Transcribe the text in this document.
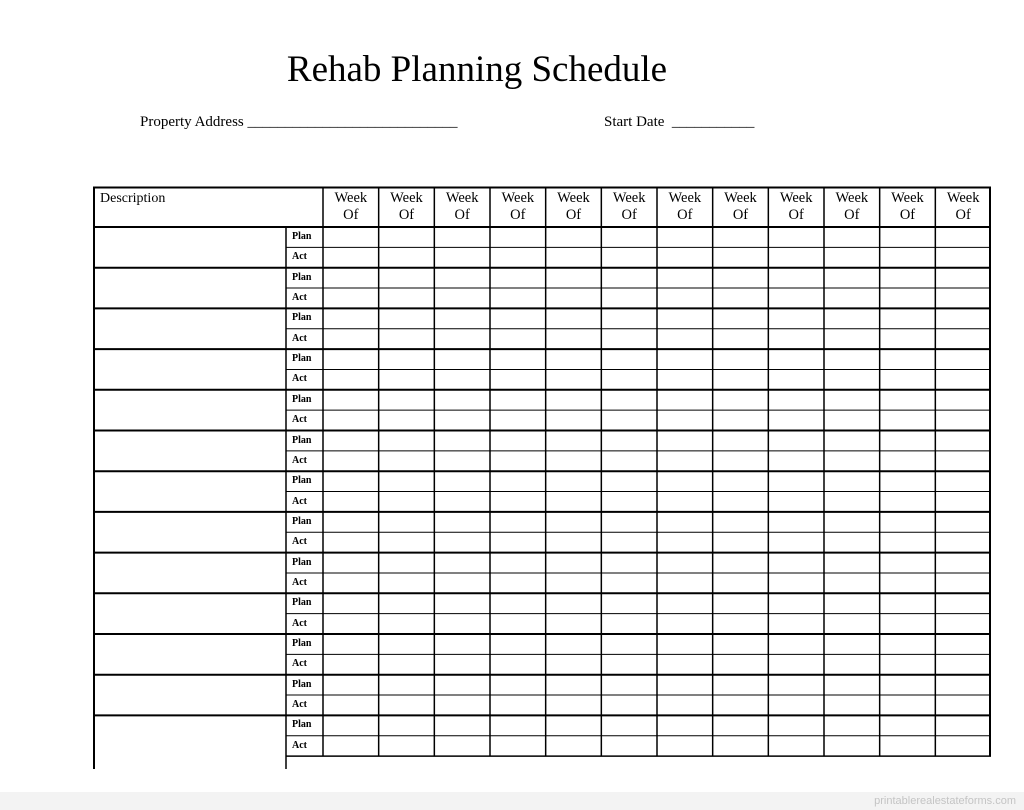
Rehab Planning Schedule
Property Address ____________________________	Start Date ___________
Description
Plan
Act
Plan
Act
Plan
Act
Plan
Act
Plan
Act
Plan
Act
Plan
Act
Plan
Act
Plan
Act
Plan
Act
Plan
Act
Plan
Act
Plan
Act
Week
Of
Week
Of
Week
Of
Week
Of
Week
Of
Week
Of
Week
Of
Week
Of
Week
Of
Week
Of
Week
Of
Week
Of
printablerealestateforms.com
